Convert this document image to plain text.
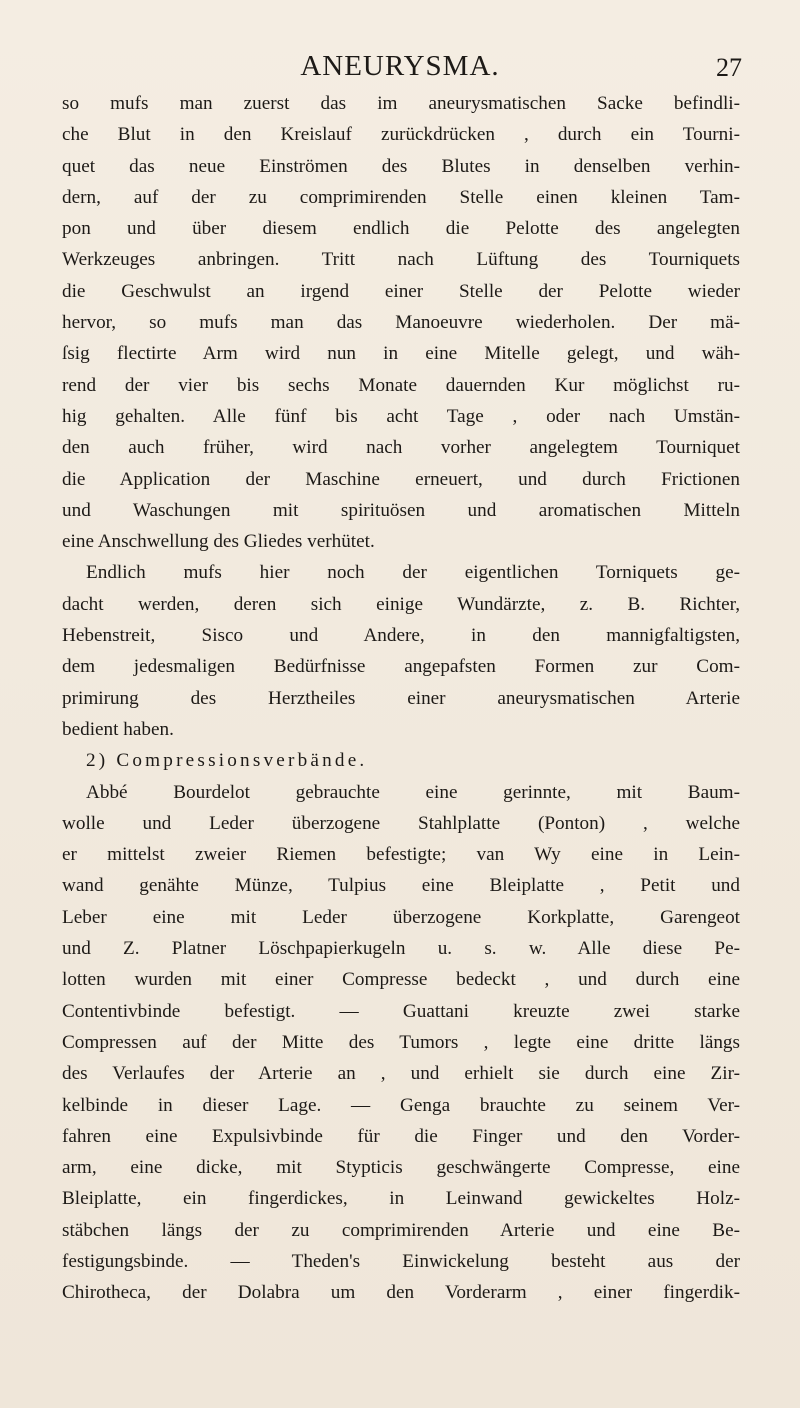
ANEURYSMA.	27
so mufs man zuerst das im aneurysmatischen Sacke befindli-
che Blut in den Kreislauf zurückdrücken , durch ein Tourni-
quet das neue Einströmen des Blutes in denselben verhin-
dern, auf der zu comprimirenden Stelle einen kleinen Tam-
pon und über diesem endlich die Pelotte des angelegten
Werkzeuges anbringen. Tritt nach Lüftung des Tourniquets
die Geschwulst an irgend einer Stelle der Pelotte wieder
hervor, so mufs man das Manoeuvre wiederholen. Der mä-
ſsig flectirte Arm wird nun in eine Mitelle gelegt, und wäh-
rend der vier bis sechs Monate dauernden Kur möglichst ru-
hig gehalten. Alle fünf bis acht Tage , oder nach Umstän-
den auch früher, wird nach vorher angelegtem Tourniquet
die Application der Maschine erneuert, und durch Frictionen
und Waschungen mit spirituösen und aromatischen Mitteln
eine Anschwellung des Gliedes verhütet.
Endlich mufs hier noch der eigentlichen Torniquets ge-
dacht werden, deren sich einige Wundärzte, z. B. Richter,
Hebenstreit, Sisco und Andere, in den mannigfaltigsten,
dem jedesmaligen Bedürfnisse angepafsten Formen zur Com-
primirung des Herztheiles einer aneurysmatischen Arterie
bedient haben.
2) Compressionsverbände.
Abbé Bourdelot gebrauchte eine gerinnte, mit Baum-
wolle und Leder überzogene Stahlplatte (Ponton) , welche
er mittelst zweier Riemen befestigte; van Wy eine in Lein-
wand genähte Münze, Tulpius eine Bleiplatte , Petit und
Leber eine mit Leder überzogene Korkplatte, Garengeot
und Z. Platner Löschpapierkugeln u. s. w. Alle diese Pe-
lotten wurden mit einer Compresse bedeckt , und durch eine
Contentivbinde befestigt. — Guattani kreuzte zwei starke
Compressen auf der Mitte des Tumors , legte eine dritte längs
des Verlaufes der Arterie an , und erhielt sie durch eine Zir-
kelbinde in dieser Lage. — Genga brauchte zu seinem Ver-
fahren eine Expulsivbinde für die Finger und den Vorder-
arm, eine dicke, mit Stypticis geschwängerte Compresse, eine
Bleiplatte, ein fingerdickes, in Leinwand gewickeltes Holz-
stäbchen längs der zu comprimirenden Arterie und eine Be-
festigungsbinde. — Theden's Einwickelung besteht aus der
Chirotheca, der Dolabra um den Vorderarm , einer fingerdik-
